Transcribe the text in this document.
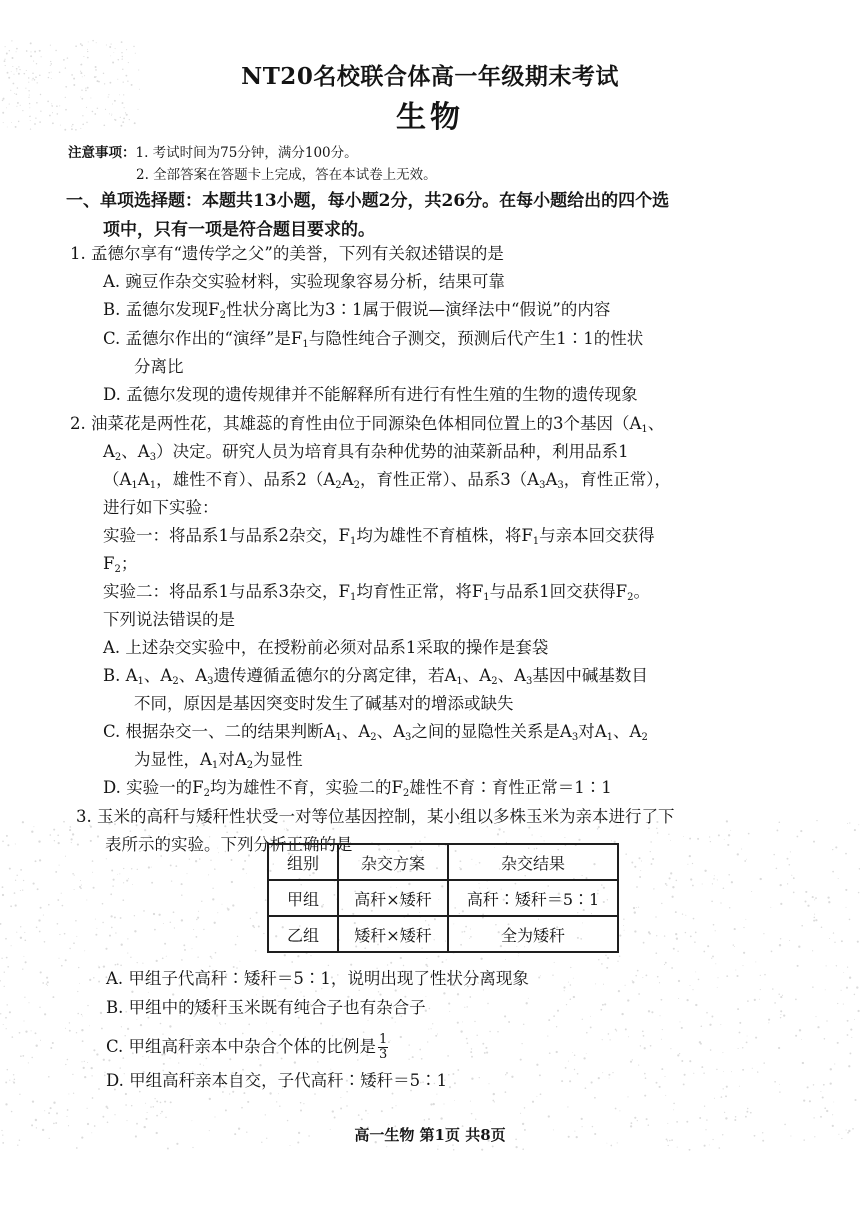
NT20名校联合体高一年级期末考试
生物
注意事项：1. 考试时间为75分钟，满分100分。
2. 全部答案在答题卡上完成，答在本试卷上无效。
一、单项选择题：本题共13小题，每小题2分，共26分。在每小题给出的四个选
项中，只有一项是符合题目要求的。
1. 孟德尔享有“遗传学之父”的美誉，下列有关叙述错误的是
A. 豌豆作杂交实验材料，实验现象容易分析，结果可靠
B. 孟德尔发现$F_2$性状分离比为3∶1属于假说—演绎法中“假说”的内容
C. 孟德尔作出的“演绎”是$F_1$与隐性纯合子测交，预测后代产生1∶1的性状
分离比
D. 孟德尔发现的遗传规律并不能解释所有进行有性生殖的生物的遗传现象
2. 油菜花是两性花，其雄蕊的育性由位于同源染色体相同位置上的3个基因（$A_1$、
$A_2$、$A_3$）决定。研究人员为培育具有杂种优势的油菜新品种，利用品系1
（$A_1A_1$，雄性不育）、品系$2(A_2A_2$，育性正常）、品系$3(A_3A_3$，育性正常），
进行如下实验：
实验一：将品系1与品系2杂交，$F_1$均为雄性不育植株，将$F_1$与亲本回交获得
$F_2$；
实验二：将品系1与品系3杂交，$F_1$均育性正常，将$F_1$与品系1回交获得$F_2$。
下列说法错误的是
A. 上述杂交实验中，在授粉前必须对品系1采取的操作是套袋
B. $A_1$、$A_2$、$A_3$遗传遵循孟德尔的分离定律，若$A_1$、$A_2$、$A_3$基因中碱基数目
不同，原因是基因突变时发生了碱基对的增添或缺失
C. 根据杂交一、二的结果判断$A_1$、$A_2$、$A_3$之间的显隐性关系是$A_3$对$A_1$、$A_2$
为显性，$A_1$对$A_2$为显性
D. 实验一的$F_2$均为雄性不育，实验二的$F_2$雄性不育∶育性正常＝1∶1
3. 玉米的高秆与矮秆性状受一对等位基因控制，某小组以多株玉米为亲本进行了下
表所示的实验。下列分析正确的是
组别	杂交方案	杂交结果
甲组	高秆×矮秆	高秆∶矮秆＝5∶1
乙组	矮秆×矮秆	全为矮秆
A. 甲组子代高秆∶矮秆＝5∶1，说明出现了性状分离现象
B. 甲组中的矮秆玉米既有纯合子也有杂合子
C. 甲组高秆亲本中杂合个体的比例是 $\frac{1}{3}$
D. 甲组高秆亲本自交，子代高秆∶矮秆＝5∶1
高一生物 第1页 共8页
